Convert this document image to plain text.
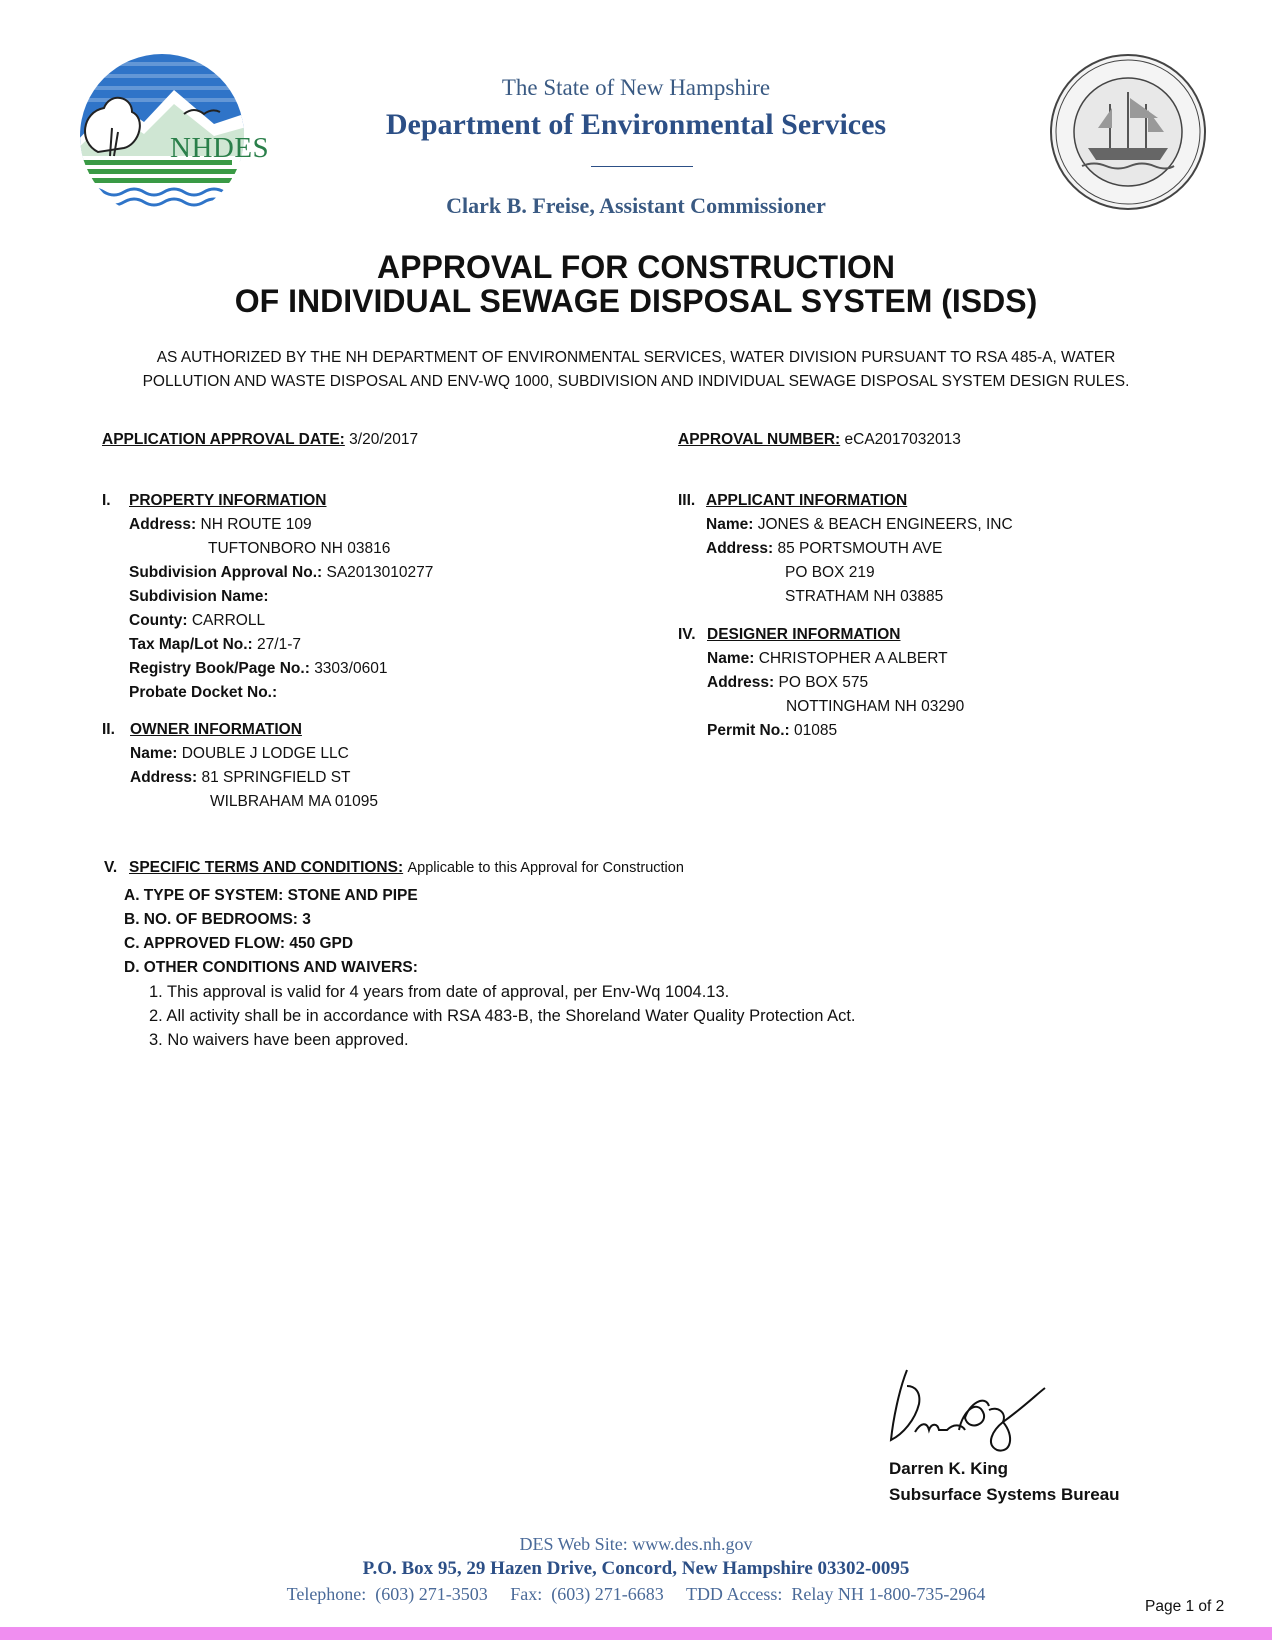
NHDES
The State of New Hampshire
Department of Environmental Services
Clark B. Freise, Assistant Commissioner
APPROVAL FOR CONSTRUCTION
OF INDIVIDUAL SEWAGE DISPOSAL SYSTEM (ISDS)
AS AUTHORIZED BY THE NH DEPARTMENT OF ENVIRONMENTAL SERVICES, WATER DIVISION PURSUANT TO RSA 485-A, WATER
POLLUTION AND WASTE DISPOSAL AND ENV-WQ 1000, SUBDIVISION AND INDIVIDUAL SEWAGE DISPOSAL SYSTEM DESIGN RULES.
APPLICATION APPROVAL DATE: 3/20/2017	APPROVAL NUMBER: eCA2017032013
I. PROPERTY INFORMATION
Address: NH ROUTE 109
TUFTONBORO NH 03816
Subdivision Approval No.: SA2013010277
Subdivision Name:
County: CARROLL
Tax Map/Lot No.: 27/1-7
Registry Book/Page No.: 3303/0601
Probate Docket No.:
II. OWNER INFORMATION
Name: DOUBLE J LODGE LLC
Address: 81 SPRINGFIELD ST
WILBRAHAM MA 01095
III. APPLICANT INFORMATION
Name: JONES & BEACH ENGINEERS, INC
Address: 85 PORTSMOUTH AVE
PO BOX 219
STRATHAM NH 03885
IV. DESIGNER INFORMATION
Name: CHRISTOPHER A ALBERT
Address: PO BOX 575
NOTTINGHAM NH 03290
Permit No.: 01085
V. SPECIFIC TERMS AND CONDITIONS: Applicable to this Approval for Construction
A. TYPE OF SYSTEM: STONE AND PIPE
B. NO. OF BEDROOMS: 3
C. APPROVED FLOW: 450 GPD
D. OTHER CONDITIONS AND WAIVERS:
1. This approval is valid for 4 years from date of approval, per Env-Wq 1004.13.
2. All activity shall be in accordance with RSA 483-B, the Shoreland Water Quality Protection Act.
3. No waivers have been approved.
Darren K. King
Subsurface Systems Bureau
DES Web Site: www.des.nh.gov
P.O. Box 95, 29 Hazen Drive, Concord, New Hampshire 03302-0095
Telephone:  (603) 271-3503     Fax:  (603) 271-6683     TDD Access:  Relay NH 1-800-735-2964
Page 1 of 2
